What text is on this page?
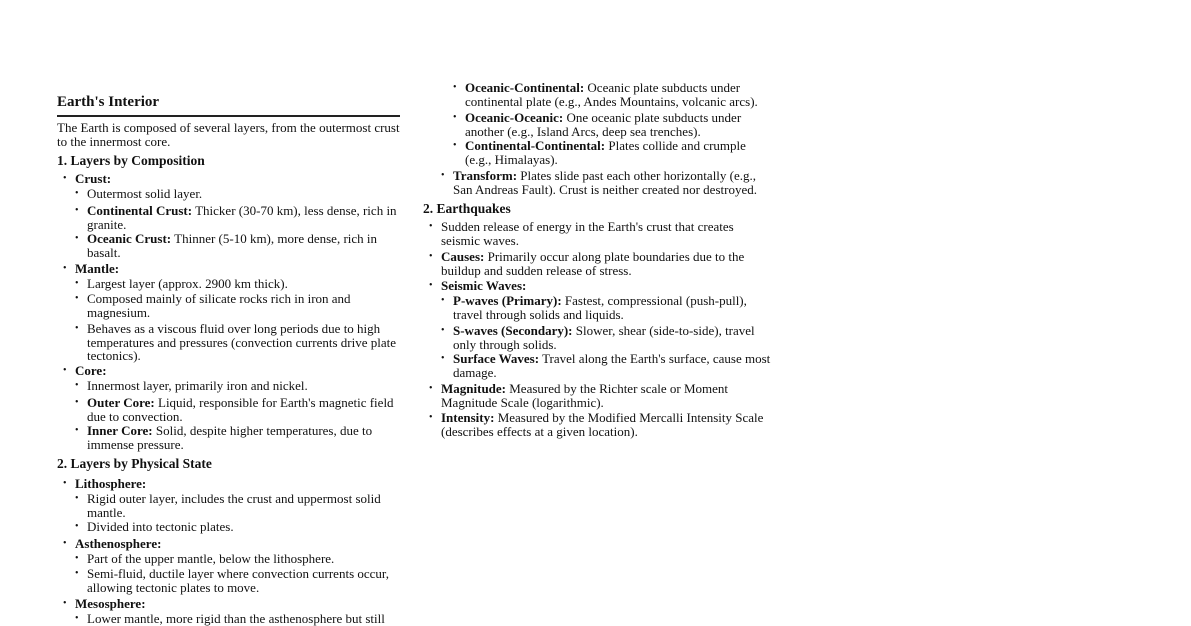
Earth's Interior

The Earth is composed of several layers, from the outermost crust to the innermost core.

1. Layers by Composition
• Crust:
• Outermost solid layer.
• Continental Crust: Thicker (30-70 km), less dense, rich in granite.
• Oceanic Crust: Thinner (5-10 km), more dense, rich in basalt.
• Mantle:
• Largest layer (approx. 2900 km thick).
• Composed mainly of silicate rocks rich in iron and magnesium.
• Behaves as a viscous fluid over long periods due to high temperatures and pressures (convection currents drive plate tectonics).
• Core:
• Innermost layer, primarily iron and nickel.
• Outer Core: Liquid, responsible for Earth's magnetic field due to convection.
• Inner Core: Solid, despite higher temperatures, due to immense pressure.
2. Layers by Physical State
• Lithosphere:
• Rigid outer layer, includes the crust and uppermost solid mantle.
• Divided into tectonic plates.
• Asthenosphere:
• Part of the upper mantle, below the lithosphere.
• Semi-fluid, ductile layer where convection currents occur, allowing tectonic plates to move.
• Mesosphere:
• Lower mantle, more rigid than the asthenosphere but still
• Oceanic-Continental: Oceanic plate subducts under continental plate (e.g., Andes Mountains, volcanic arcs).
• Oceanic-Oceanic: One oceanic plate subducts under another (e.g., Island Arcs, deep sea trenches).
• Continental-Continental: Plates collide and crumple (e.g., Himalayas).
• Transform: Plates slide past each other horizontally (e.g., San Andreas Fault). Crust is neither created nor destroyed.
2. Earthquakes
• Sudden release of energy in the Earth's crust that creates seismic waves.
• Causes: Primarily occur along plate boundaries due to the buildup and sudden release of stress.
• Seismic Waves:
• P-waves (Primary): Fastest, compressional (push-pull), travel through solids and liquids.
• S-waves (Secondary): Slower, shear (side-to-side), travel only through solids.
• Surface Waves: Travel along the Earth's surface, cause most damage.
• Magnitude: Measured by the Richter scale or Moment Magnitude Scale (logarithmic).
• Intensity: Measured by the Modified Mercalli Intensity Scale (describes effects at a given location).
